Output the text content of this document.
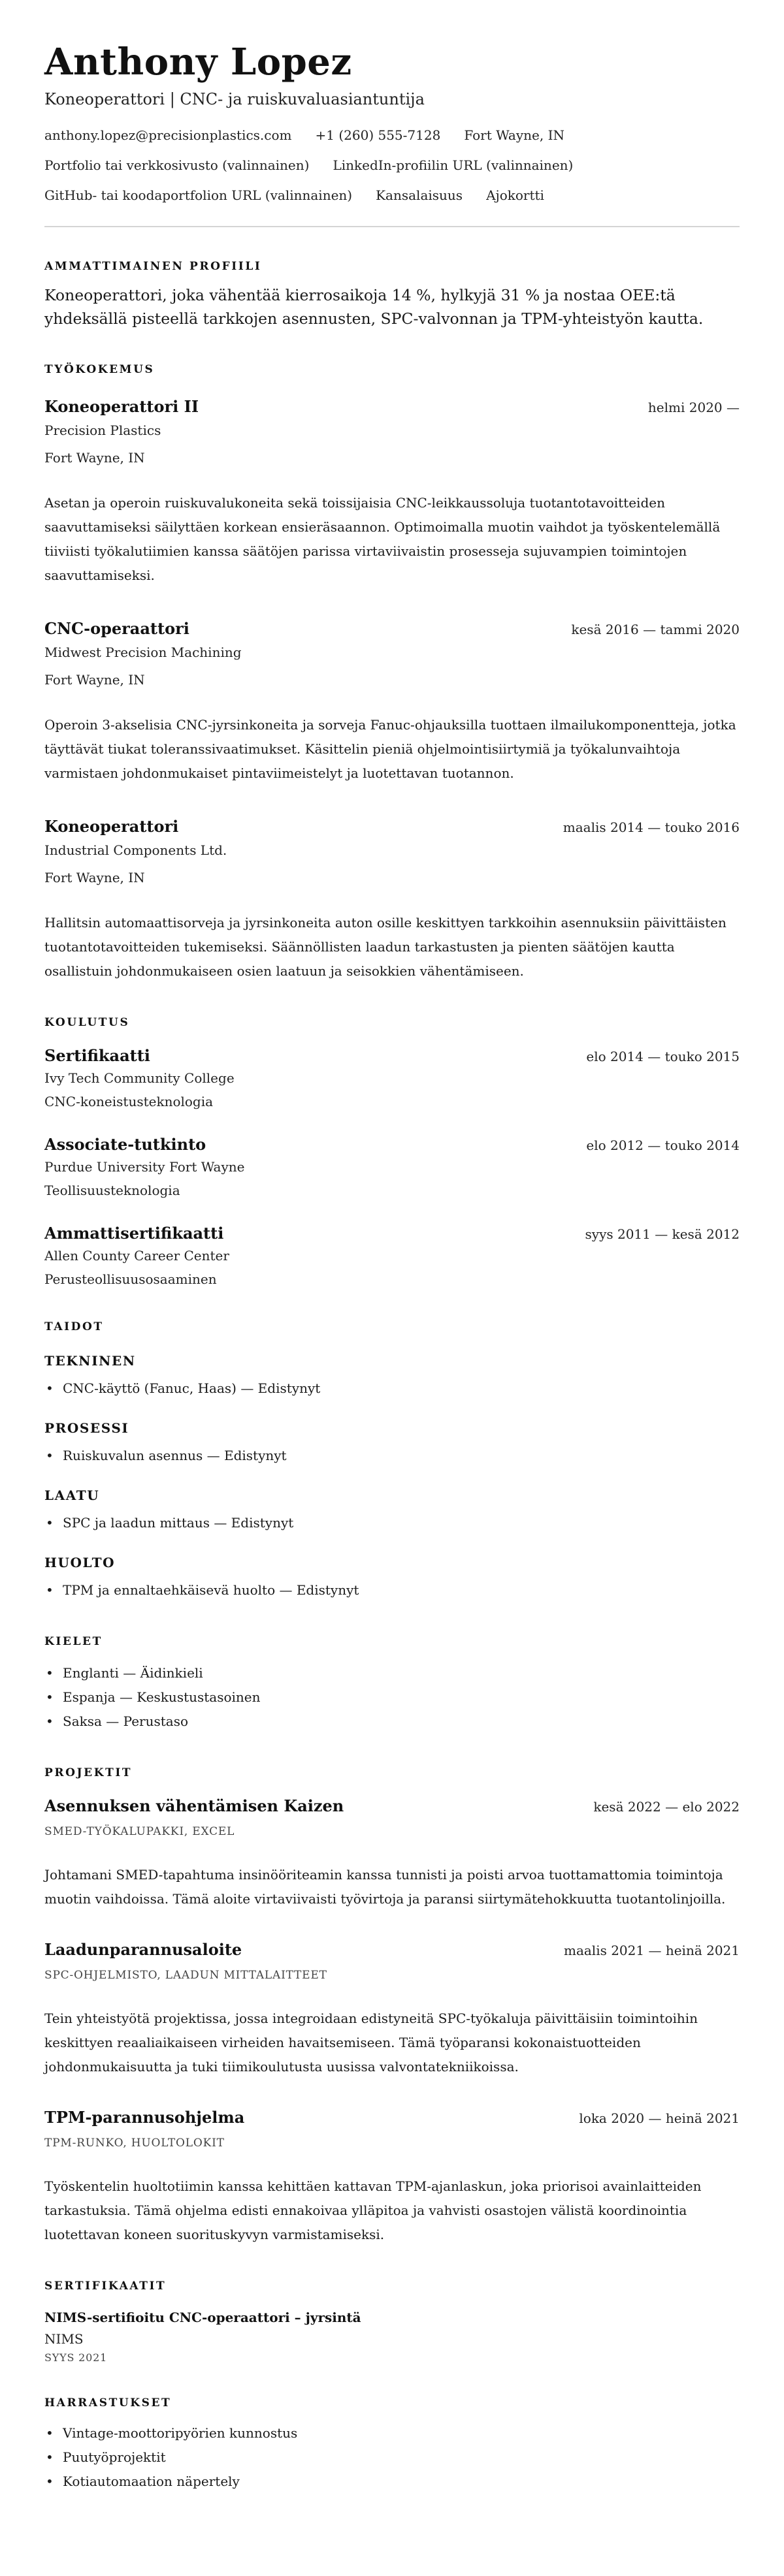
Anthony Lopez
Koneoperattori | CNC- ja ruiskuvaluasiantuntija
anthony.lopez@precisionplastics.com +1 (260) 555-7128 Fort Wayne, IN
Portfolio tai verkkosivusto (valinnainen) LinkedIn-profiilin URL (valinnainen)
GitHub- tai koodaportfolion URL (valinnainen) Kansalaisuus Ajokortti
AMMATTIMAINEN PROFIILI
Koneoperattori, joka vähentää kierrosaikoja 14 %, hylkyjä 31 % ja nostaa OEE:tä yhdeksällä pisteellä tarkkojen asennusten, SPC-valvonnan ja TPM-yhteistyön kautta.
TYÖKOKEMUS
Koneoperattori II	helmi 2020 —
Precision Plastics
Fort Wayne, IN
Asetan ja operoin ruiskuvalukoneita sekä toissijaisia CNC-leikkaussoluja tuotantotavoitteiden saavuttamiseksi säilyttäen korkean ensieräsaannon. Optimoimalla muotin vaihdot ja työskentelemällä tiiviisti työkalutiimien kanssa säätöjen parissa virtaviivaistin prosesseja sujuvampien toimintojen saavuttamiseksi.
CNC-operaattori	kesä 2016 — tammi 2020
Midwest Precision Machining
Fort Wayne, IN
Operoin 3-akselisia CNC-jyrsinkoneita ja sorveja Fanuc-ohjauksilla tuottaen ilmailukomponentteja, jotka täyttävät tiukat toleranssivaatimukset. Käsittelin pieniä ohjelmointisiirtymiä ja työkalunvaihtoja varmistaen johdonmukaiset pintaviimeistelyt ja luotettavan tuotannon.
Koneoperattori	maalis 2014 — touko 2016
Industrial Components Ltd.
Fort Wayne, IN
Hallitsin automaattisorveja ja jyrsinkoneita auton osille keskittyen tarkkoihin asennuksiin päivittäisten tuotantotavoitteiden tukemiseksi. Säännöllisten laadun tarkastusten ja pienten säätöjen kautta osallistuin johdonmukaiseen osien laatuun ja seisokkien vähentämiseen.
KOULUTUS
Sertifikaatti	elo 2014 — touko 2015
Ivy Tech Community College
CNC-koneistusteknologia
Associate-tutkinto	elo 2012 — touko 2014
Purdue University Fort Wayne
Teollisuusteknologia
Ammattisertifikaatti	syys 2011 — kesä 2012
Allen County Career Center
Perusteollisuusosaaminen
TAIDOT
TEKNINEN
• CNC-käyttö (Fanuc, Haas) — Edistynyt
PROSESSI
• Ruiskuvalun asennus — Edistynyt
LAATU
• SPC ja laadun mittaus — Edistynyt
HUOLTO
• TPM ja ennaltaehkäisevä huolto — Edistynyt
KIELET
• Englanti — Äidinkieli
• Espanja — Keskustustasoinen
• Saksa — Perustaso
PROJEKTIT
Asennuksen vähentämisen Kaizen	kesä 2022 — elo 2022
SMED-TYÖKALUPAKKI, EXCEL
Johtamani SMED-tapahtuma insinööriteamin kanssa tunnisti ja poisti arvoa tuottamattomia toimintoja muotin vaihdoissa. Tämä aloite virtaviivaisti työvirtoja ja paransi siirtymätehokkuutta tuotantolinjoilla.
Laadunparannusaloite	maalis 2021 — heinä 2021
SPC-OHJELMISTO, LAADUN MITTALAITTEET
Tein yhteistyötä projektissa, jossa integroidaan edistyneitä SPC-työkaluja päivittäisiin toimintoihin keskittyen reaaliaikaiseen virheiden havaitsemiseen. Tämä työparansi kokonaistuotteiden johdonmukaisuutta ja tuki tiimikoulutusta uusissa valvontatekniikoissa.
TPM-parannusohjelma	loka 2020 — heinä 2021
TPM-RUNKO, HUOLTOLOKIT
Työskentelin huoltotiimin kanssa kehittäen kattavan TPM-ajanlaskun, joka priorisoi avainlaitteiden tarkastuksia. Tämä ohjelma edisti ennakoivaa ylläpitoa ja vahvisti osastojen välistä koordinointia luotettavan koneen suorituskyvyn varmistamiseksi.
SERTIFIKAATIT
NIMS-sertifioitu CNC-operaattori – jyrsintä
NIMS
SYYS 2021
HARRASTUKSET
• Vintage-moottoripyörien kunnostus
• Puutyöprojektit
• Kotiautomaation näpertely
